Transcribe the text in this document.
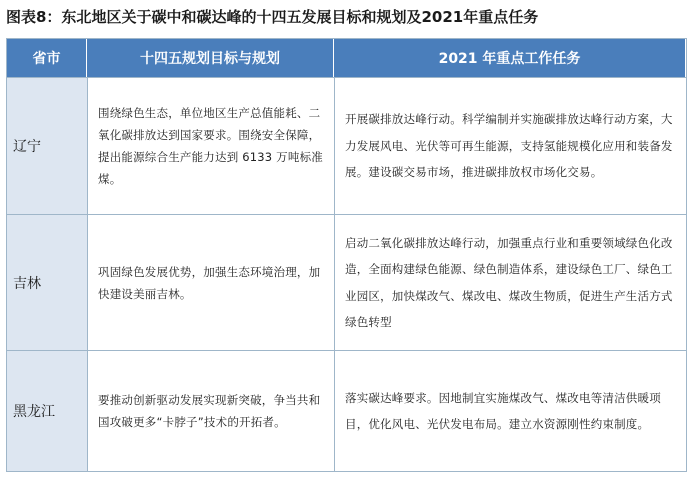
图表8：东北地区关于碳中和碳达峰的十四五发展目标和规划及2021年重点任务
省市	十四五规划目标与规划	2021 年重点工作任务
辽宁
围绕绿色生态，单位地区生产总值能耗、二氧化碳排放达到国家要求。围绕安全保障，提出能源综合生产能力达到 6133 万吨标准煤。
开展碳排放达峰行动。科学编制并实施碳排放达峰行动方案，大力发展风电、光伏等可再生能源，支持氢能规模化应用和装备发展。建设碳交易市场，推进碳排放权市场化交易。
吉林
巩固绿色发展优势，加强生态环境治理，加快建设美丽吉林。
启动二氧化碳排放达峰行动，加强重点行业和重要领域绿色化改造，全面构建绿色能源、绿色制造体系，建设绿色工厂、绿色工业园区，加快煤改气、煤改电、煤改生物质，促进生产生活方式绿色转型
黑龙江
要推动创新驱动发展实现新突破，争当共和国攻破更多“卡脖子”技术的开拓者。
落实碳达峰要求。因地制宜实施煤改气、煤改电等清洁供暖项目，优化风电、光伏发电布局。建立水资源刚性约束制度。
